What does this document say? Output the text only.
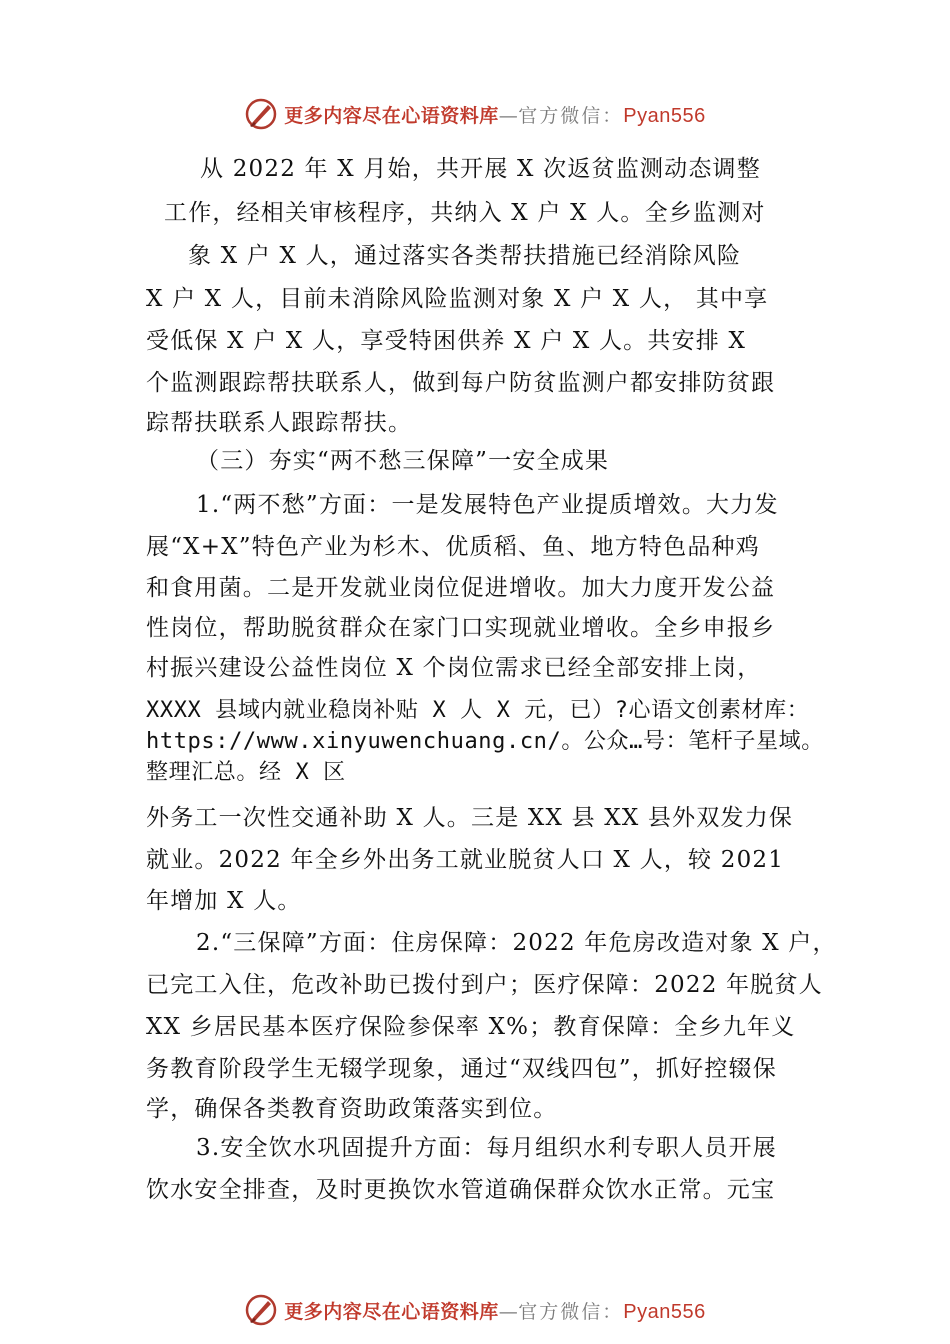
更多内容尽在心语资料库—官方微信：Pyan556
从 2022 年 X 月始，共开展 X 次返贫监测动态调整
工作，经相关审核程序，共纳入 X 户 X 人。全乡监测对
象 X 户 X 人，通过落实各类帮扶措施已经消除风险
X 户 X 人，目前未消除风险监测对象 X 户 X 人， 其中享
受低保 X 户 X 人，享受特困供养 X 户 X 人。共安排 X
个监测跟踪帮扶联系人，做到每户防贫监测户都安排防贫跟
踪帮扶联系人跟踪帮扶。
（三）夯实“两不愁三保障”一安全成果
1.“两不愁”方面：一是发展特色产业提质增效。大力发
展“X+X”特色产业为杉木、优质稻、鱼、地方特色品种鸡
和食用菌。二是开发就业岗位促进增收。加大力度开发公益
性岗位，帮助脱贫群众在家门口实现就业增收。全乡申报乡
村振兴建设公益性岗位 X 个岗位需求已经全部安排上岗，
XXXX 县域内就业稳岗补贴 X 人 X 元，已）?心语文创素材库：
https://www.xinyuwenchuang.cn/。公众…号：笔杆子星域。
整理汇总。经 X 区
外务工一次性交通补助 X 人。三是 XX 县 XX 县外双发力保
就业。2022 年全乡外出务工就业脱贫人口 X 人，较 2021
年增加 X 人。
2.“三保障”方面：住房保障：2022 年危房改造对象 X 户，
已完工入住，危改补助已拨付到户；医疗保障：2022 年脱贫人
XX 乡居民基本医疗保险参保率 X%；教育保障：全乡九年义
务教育阶段学生无辍学现象，通过“双线四包”，抓好控辍保
学，确保各类教育资助政策落实到位。
3.安全饮水巩固提升方面：每月组织水利专职人员开展
饮水安全排查，及时更换饮水管道确保群众饮水正常。元宝
更多内容尽在心语资料库—官方微信：Pyan556
